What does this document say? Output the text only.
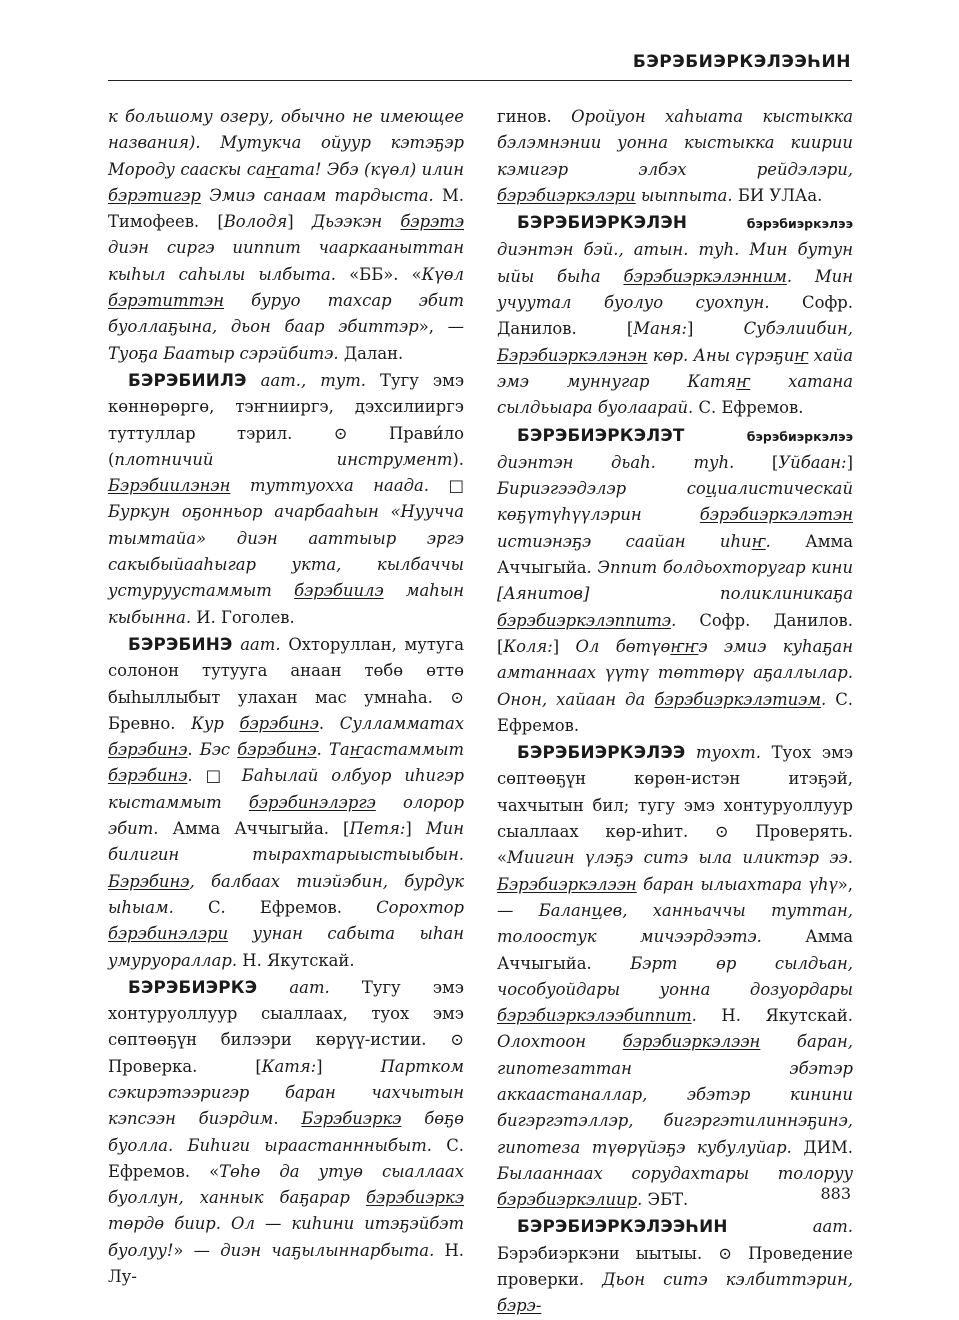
БЭРЭБИЭРКЭЛЭЭҺИН

к большому озеру, обычно не имеющее названия). Мутукча ойуур кэтэҕэр Мороду сааскы саҥата! Эбэ (күөл) илин бэрэтигэр Эмиэ санаам тардыста. М. Тимофеев. [Володя] Дьээкэн бэрэтэ диэн сиргэ ииппит чааркааныттан кыһыл саһылы ылбыта. «ББ». «Күөл бэрэтиттэн буруо тахсар эбит буоллаҕына, дьон баар эбиттэр», — Туоҕа Баатыр сэрэйбитэ. Далан.

БЭРЭБИИЛЭ аат., тут. Тугу эмэ көннөрөргө, тэҥнииргэ, дэхсилииргэ туттуллар тэрил. ⊙ Прави́ло (плотничий инструмент). Бэрэбиилэнэн туттуохха наада. □ Буркун оҕонньор ачарбааһын «Нуучча тымтайа» диэн ааттыыр эргэ сакыбыйааһыгар укта, кылбаччы устуруустаммыт бэрэбиилэ маһын кыбынна. И. Гоголев.

БЭРЭБИНЭ аат. Охторуллан, мутуга солонон тутууга анаан төбө өттө быһыллыбыт улахан мас умнаһа. ⊙ Бревно. Кур бэрэбинэ. Сулламматах бэрэбинэ. Бэс бэрэбинэ. Таҥастаммыт бэрэбинэ. □ Баһылай олбуор иһигэр кыстаммыт бэрэбинэлэргэ олорор эбит. Амма Аччыгыйа. [Петя:] Мин билигин тырахтарыыстыыбын. Бэрэбинэ, балбаах тиэйэбин, бурдук ыһыам. С. Ефремов. Сорохтор бэрэбинэлэри уунан сабыта ыһан умуруораллар. Н. Якутскай.

БЭРЭБИЭРКЭ аат. Тугу эмэ хонтуруоллуур сыаллаах, туох эмэ сөптөөҕүн билээри көрүү-истии. ⊙ Проверка. [Катя:] Партком сэкирэтээригэр баран чахчытын кэпсээн биэрдим. Бэрэбиэркэ бөҕө буолла. Биһиги ыраастаннныбыт. С. Ефремов. «Төһө да утуө сыаллаах буоллун, ханнык баҕарар бэрэбиэркэ төрдө биир. Ол — киһини итэҕэйбэт буолуу!» — диэн чаҕылыннарбыта. Н. Лу-

гинов. Оройуон хаһыата кыстыкка бэлэмнэнии уонна кыстыкка киирии кэмигэр элбэх рейдэлэри, бэрэбиэркэлэри ыыппыта. БИ УЛАа.

БЭРЭБИЭРКЭЛЭН бэрэбиэркэлээ диэнтэн бэй., атын. туһ. Мин бутун ыйы быһа бэрэбиэркэлэнним. Мин учуутал буолуо суохпун. Софр. Данилов. [Маня:] Субэлиибин, Бэрэбиэркэлэнэн көр. Аны сүрэҕиҥ хайа эмэ муннугар Катяҥ хатана сылдьыара буолаарай. С. Ефремов.

БЭРЭБИЭРКЭЛЭТ бэрэбиэркэлээ диэнтэн дьаһ. туһ. [Уйбаан:] Бириэгээдэлэр социалистическай көҕүтүһүүлэрин бэрэбиэркэлэтэн истиэнэҕэ саайан иһиҥ. Амма Аччыгыйа. Эппит болдьохторугар кини [Аянитов] поликлиникаҕа бэрэбиэркэлэппитэ. Софр. Данилов. [Коля:] Ол бөтүөҥҥэ эмиэ куһаҕан амтаннаах үүтү төттөрү аҕаллылар. Онон, хайаан да бэрэбиэркэлэтиэм. С. Ефремов.

БЭРЭБИЭРКЭЛЭЭ туохт. Туох эмэ сөптөөҕүн көрөн-истэн итэҕэй, чахчытын бил; тугу эмэ хонтуруоллуур сыаллаах көр-иһит. ⊙ Проверять. «Миигин үлэҕэ ситэ ыла иликтэр ээ. Бэрэбиэркэлээн баран ылыахтара үһү», — Баланцев, ханньаччы туттан, толоостук мичээрдээтэ. Амма Аччыгыйа. Бэрт өр сылдьан, чособуойдары уонна дозуордары бэрэбиэркэлээбиппит. Н. Якутскай. Олохтоон бэрэбиэркэлээн баран, гипотезаттан эбэтэр аккаастаналлар, эбэтэр кинини бигэргэтэллэр, бигэргэтилиннэҕинэ, гипотеза түөрүйэҕэ кубулуйар. ДИМ. Былааннаах сорудахтары толоруу бэрэбиэркэлиир. ЭБТ.

БЭРЭБИЭРКЭЛЭЭҺИН аат. Бэрэбиэркэни ыытыы. ⊙ Проведение проверки. Дьон ситэ кэлбиттэрин, бэрэ-

883
